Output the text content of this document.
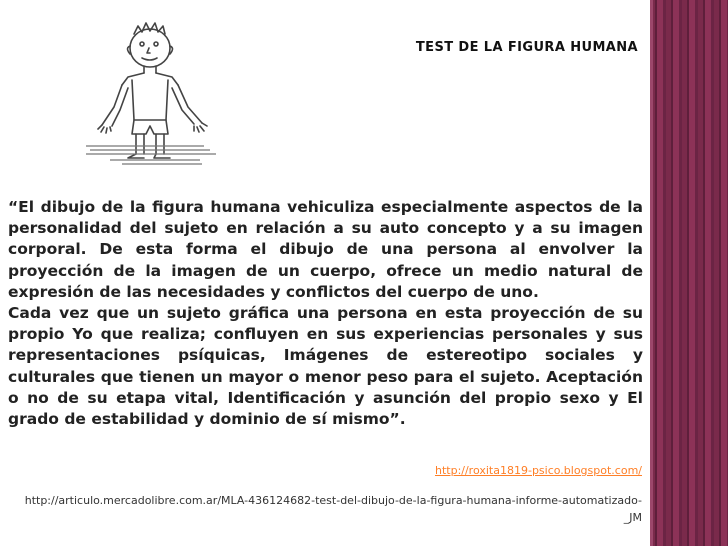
TEST DE LA FIGURA HUMANA

“El dibujo de la figura humana vehiculiza especialmente aspectos de la personalidad del sujeto en relación a su auto concepto y a su imagen corporal. De esta forma el dibujo de una persona al envolver la proyección de la imagen de un cuerpo, ofrece un medio natural de expresión de las necesidades y conflictos del cuerpo de uno.

Cada vez que un sujeto gráfica una persona en esta proyección de su propio Yo que realiza; confluyen en sus experiencias personales y sus representaciones psíquicas, Imágenes de estereotipo sociales y culturales que tienen un mayor o menor peso para el sujeto. Aceptación o no de su etapa vital, Identificación y asunción del propio sexo y El grado de estabilidad y dominio de sí mismo”.

http://roxita1819-psico.blogspot.com/
http://articulo.mercadolibre.com.ar/MLA-436124682-test-del-dibujo-de-la-figura-humana-informe-automatizado-_JM
